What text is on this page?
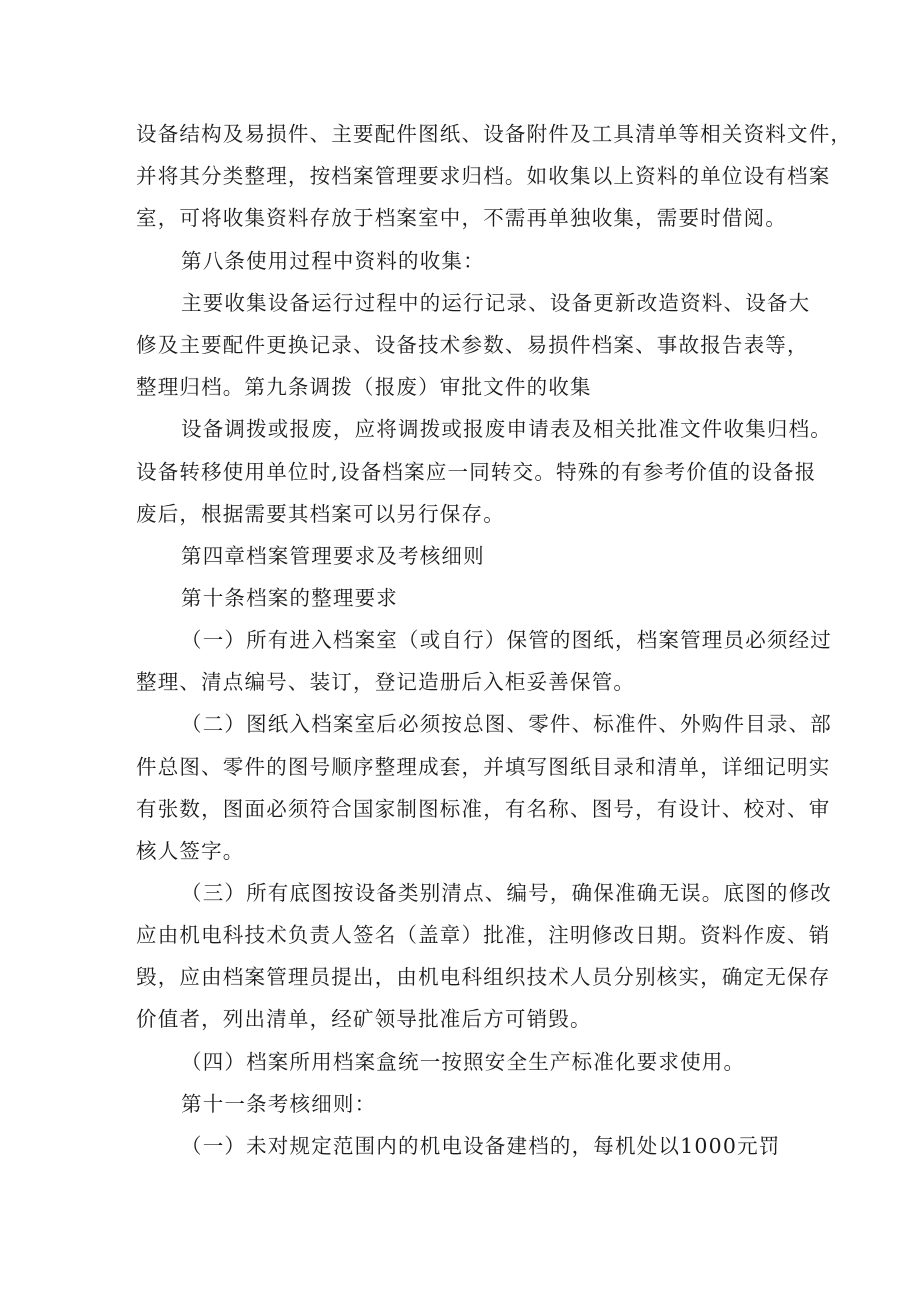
设备结构及易损件、主要配件图纸、设备附件及工具清单等相关资料文件，

并将其分类整理，按档案管理要求归档。如收集以上资料的单位设有档案

室，可将收集资料存放于档案室中，不需再单独收集，需要时借阅。

第八条使用过程中资料的收集：

主要收集设备运行过程中的运行记录、设备更新改造资料、设备大

修及主要配件更换记录、设备技术参数、易损件档案、事故报告表等，

整理归档。第九条调拨（报废）审批文件的收集

设备调拨或报废，应将调拨或报废申请表及相关批准文件收集归档。

设备转移使用单位时,设备档案应一同转交。特殊的有参考价值的设备报

废后，根据需要其档案可以另行保存。

第四章档案管理要求及考核细则

第十条档案的整理要求

（一）所有进入档案室（或自行）保管的图纸，档案管理员必须经过

整理、清点编号、装订，登记造册后入柜妥善保管。

（二）图纸入档案室后必须按总图、零件、标准件、外购件目录、部

件总图、零件的图号顺序整理成套，并填写图纸目录和清单，详细记明实

有张数，图面必须符合国家制图标准，有名称、图号，有设计、校对、审

核人签字。

（三）所有底图按设备类别清点、编号，确保准确无误。底图的修改

应由机电科技术负责人签名（盖章）批准，注明修改日期。资料作废、销

毁，应由档案管理员提出，由机电科组织技术人员分别核实，确定无保存

价值者，列出清单，经矿领导批准后方可销毁。

（四）档案所用档案盒统一按照安全生产标准化要求使用。

第十一条考核细则：

（一）未对规定范围内的机电设备建档的，每机处以1000元罚
